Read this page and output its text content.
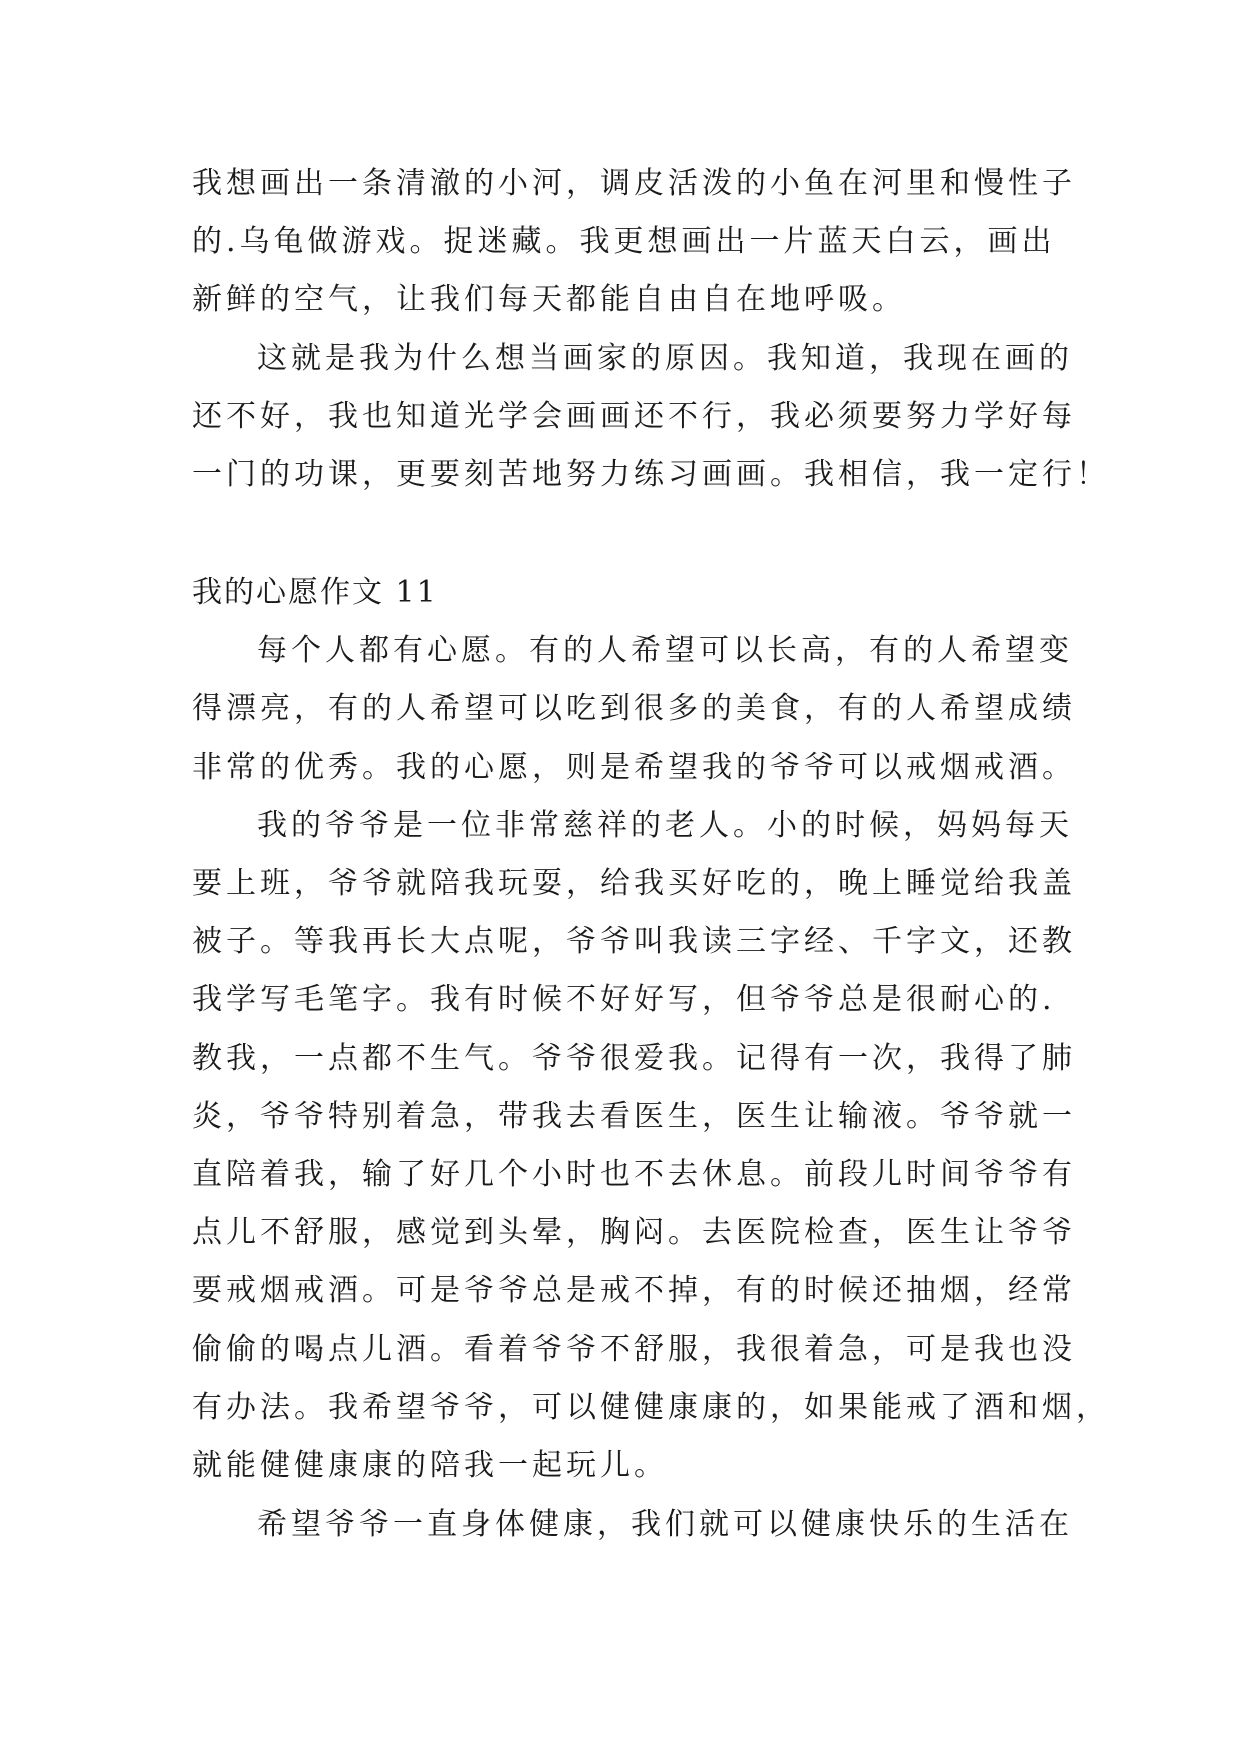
我想画出一条清澈的小河，调皮活泼的小鱼在河里和慢性子
的.乌龟做游戏。捉迷藏。我更想画出一片蓝天白云，画出
新鲜的空气，让我们每天都能自由自在地呼吸。
这就是我为什么想当画家的原因。我知道，我现在画的
还不好，我也知道光学会画画还不行，我必须要努力学好每
一门的功课，更要刻苦地努力练习画画。我相信，我一定行！
我的心愿作文 11
每个人都有心愿。有的人希望可以长高，有的人希望变
得漂亮，有的人希望可以吃到很多的美食，有的人希望成绩
非常的优秀。我的心愿，则是希望我的爷爷可以戒烟戒酒。
我的爷爷是一位非常慈祥的老人。小的时候，妈妈每天
要上班，爷爷就陪我玩耍，给我买好吃的，晚上睡觉给我盖
被子。等我再长大点呢，爷爷叫我读三字经、千字文，还教
我学写毛笔字。我有时候不好好写，但爷爷总是很耐心的.
教我，一点都不生气。爷爷很爱我。记得有一次，我得了肺
炎，爷爷特别着急，带我去看医生，医生让输液。爷爷就一
直陪着我，输了好几个小时也不去休息。前段儿时间爷爷有
点儿不舒服，感觉到头晕，胸闷。去医院检查，医生让爷爷
要戒烟戒酒。可是爷爷总是戒不掉，有的时候还抽烟，经常
偷偷的喝点儿酒。看着爷爷不舒服，我很着急，可是我也没
有办法。我希望爷爷，可以健健康康的，如果能戒了酒和烟，
就能健健康康的陪我一起玩儿。
希望爷爷一直身体健康，我们就可以健康快乐的生活在
